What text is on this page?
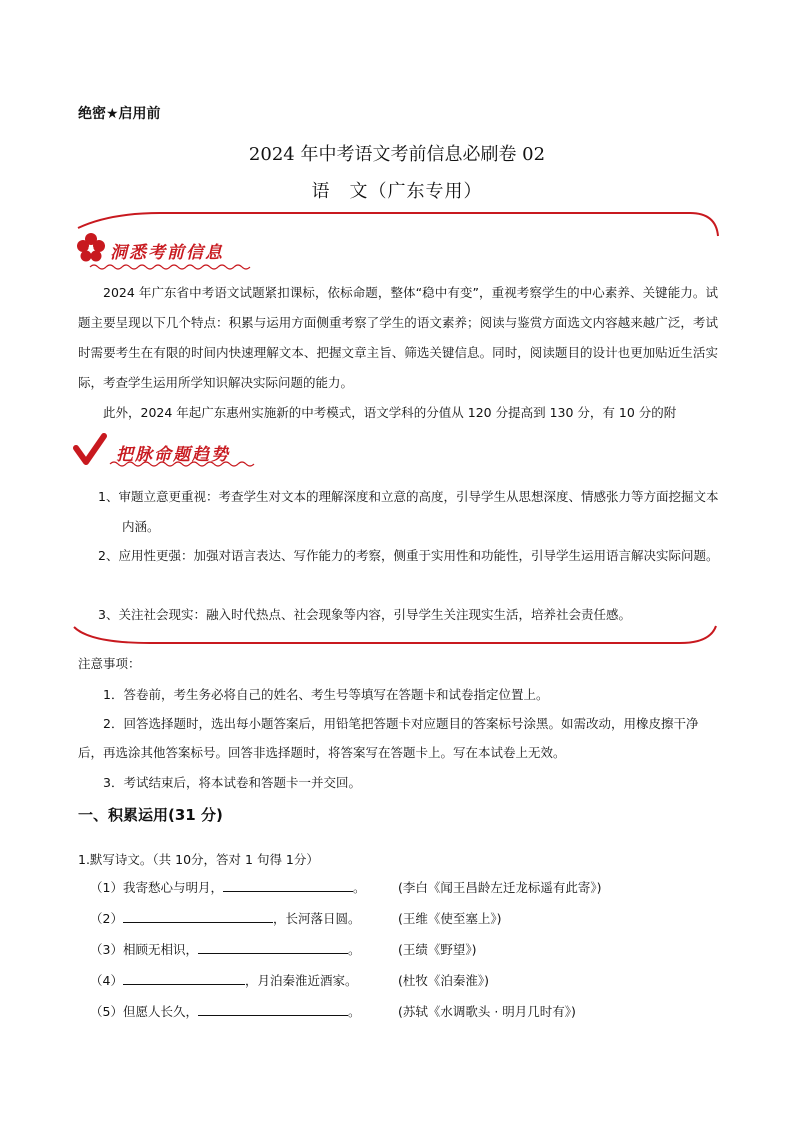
绝密★启用前
2024 年中考语文考前信息必刷卷 02
语　文（广东专用）
洞悉考前信息
2024 年广东省中考语文试题紧扣课标，依标命题，整体“稳中有变”，重视考察学生的中心素养、关键能力。试题主要呈现以下几个特点：积累与运用方面侧重考察了学生的语文素养；阅读与鉴赏方面选文内容越来越广泛，考试时需要考生在有限的时间内快速理解文本、把握文章主旨、筛选关键信息。同时，阅读题目的设计也更加贴近生活实际，考查学生运用所学知识解决实际问题的能力。
此外，2024 年起广东惠州实施新的中考模式，语文学科的分值从 120 分提高到 130 分，有 10 分的附
把脉命题趋势
1、审题立意更重视：考查学生对文本的理解深度和立意的高度，引导学生从思想深度、情感张力等方面挖掘文本内涵。
2、应用性更强：加强对语言表达、写作能力的考察，侧重于实用性和功能性，引导学生运用语言解决实际问题。
3、关注社会现实：融入时代热点、社会现象等内容，引导学生关注现实生活，培养社会责任感。
注意事项：
1．答卷前，考生务必将自己的姓名、考生号等填写在答题卡和试卷指定位置上。
2．回答选择题时，选出每小题答案后，用铅笔把答题卡对应题目的答案标号涂黑。如需改动，用橡皮擦干净后，再选涂其他答案标号。回答非选择题时，将答案写在答题卡上。写在本试卷上无效。
3．考试结束后，将本试卷和答题卡一并交回。
一、积累运用(31 分)
1.默写诗文。（共 10分，答对 1 句得 1分）
（1）我寄愁心与明月，	。	(李白《闻王昌龄左迁龙标遥有此寄》)
（2）	，长河落日圆。	(王维《使至塞上》)
（3）相顾无相识，	。	(王绩《野望》)
（4）	，月泊秦淮近酒家。	(杜牧《泊秦淮》)
（5）但愿人长久，	。	(苏轼《水调歌头 · 明月几时有》)
